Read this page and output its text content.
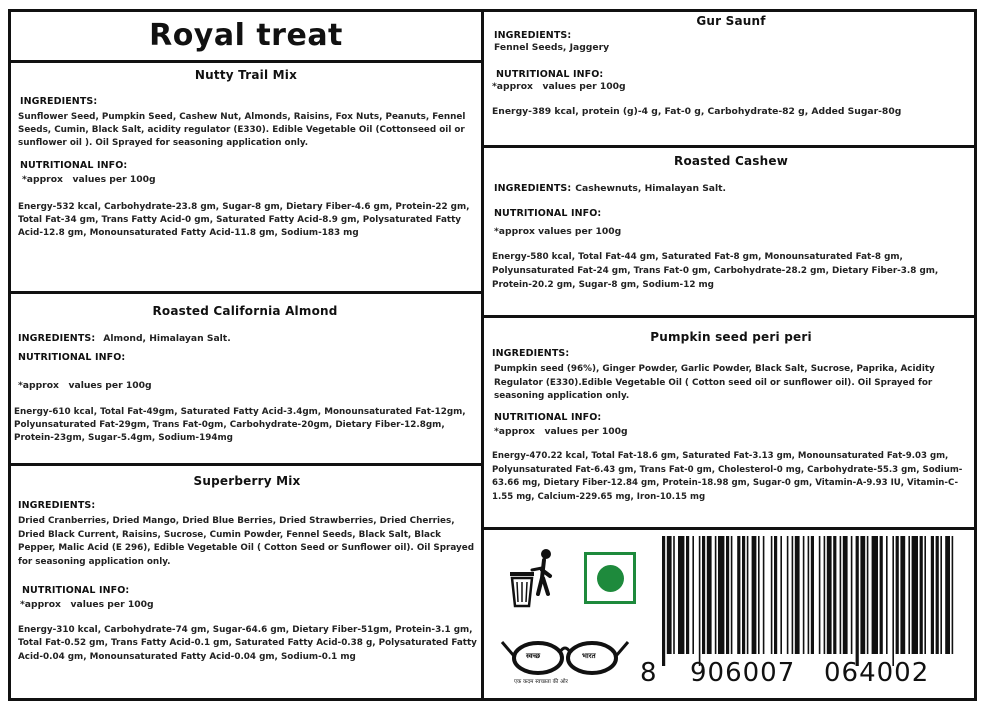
Royal treat
Nutty Trail Mix
INGREDIENTS:
Sunflower Seed, Pumpkin Seed, Cashew Nut, Almonds, Raisins, Fox Nuts, Peanuts, Fennel Seeds, Cumin, Black Salt, acidity regulator (E330). Edible Vegetable Oil (Cottonseed oil or sunflower oil ). Oil Sprayed for seasoning application only.
NUTRITIONAL INFO:
*approx   values per 100g
Energy-532 kcal, Carbohydrate-23.8 gm, Sugar-8 gm, Dietary Fiber-4.6 gm, Protein-22 gm, Total Fat-34 gm, Trans Fatty Acid-0 gm, Saturated Fatty Acid-8.9 gm, Polysaturated Fatty Acid-12.8 gm, Monounsaturated Fatty Acid-11.8 gm, Sodium-183 mg
Roasted California Almond
INGREDIENTS: Almond, Himalayan Salt.
NUTRITIONAL INFO:
*approx   values per 100g
Energy-610 kcal, Total Fat-49gm, Saturated Fatty Acid-3.4gm, Monounsaturated Fat-12gm, Polyunsaturated Fat-29gm, Trans Fat-0gm, Carbohydrate-20gm, Dietary Fiber-12.8gm, Protein-23gm, Sugar-5.4gm, Sodium-194mg
Superberry Mix
INGREDIENTS:
Dried Cranberries, Dried Mango, Dried Blue Berries, Dried Strawberries, Dried Cherries, Dried Black Current, Raisins, Sucrose, Cumin Powder, Fennel Seeds, Black Salt, Black Pepper, Malic Acid (E 296), Edible Vegetable Oil ( Cotton Seed or Sunflower oil). Oil Sprayed for seasoning application only.
NUTRITIONAL INFO:
*approx   values per 100g
Energy-310 kcal, Carbohydrate-74 gm, Sugar-64.6 gm, Dietary Fiber-51gm, Protein-3.1 gm, Total Fat-0.52 gm, Trans Fatty Acid-0.1 gm, Saturated Fatty Acid-0.38 g, Polysaturated Fatty Acid-0.04 gm, Monounsaturated Fatty Acid-0.04 gm, Sodium-0.1 mg
Gur Saunf
INGREDIENTS:
Fennel Seeds, Jaggery
NUTRITIONAL INFO:
*approx   values per 100g
Energy-389 kcal, protein (g)-4 g, Fat-0 g, Carbohydrate-82 g, Added Sugar-80g
Roasted Cashew
INGREDIENTS: Cashewnuts, Himalayan Salt.
NUTRITIONAL INFO:
*approx values per 100g
Energy-580 kcal, Total Fat-44 gm, Saturated Fat-8 gm, Monounsaturated Fat-8 gm, Polyunsaturated Fat-24 gm, Trans Fat-0 gm, Carbohydrate-28.2 gm, Dietary Fiber-3.8 gm, Protein-20.2 gm, Sugar-8 gm, Sodium-12 mg
Pumpkin seed peri peri
INGREDIENTS:
Pumpkin seed (96%), Ginger Powder, Garlic Powder, Black Salt, Sucrose, Paprika, Acidity Regulator (E330).Edible Vegetable Oil ( Cotton seed oil or sunflower oil). Oil Sprayed for seasoning application only.
NUTRITIONAL INFO:
*approx   values per 100g
Energy-470.22 kcal, Total Fat-18.6 gm, Saturated Fat-3.13 gm, Monounsaturated Fat-9.03 gm, Polyunsaturated Fat-6.43 gm, Trans Fat-0 gm, Cholesterol-0 mg, Carbohydrate-55.3 gm, Sodium-63.66 mg, Dietary Fiber-12.84 gm, Protein-18.98 gm, Sugar-0 gm, Vitamin-A-9.93 IU, Vitamin-C-1.55 mg, Calcium-229.65 mg, Iron-10.15 mg
स्वच्छ	भारत
एक कदम स्वच्छता की ओर	8 906007 064002
